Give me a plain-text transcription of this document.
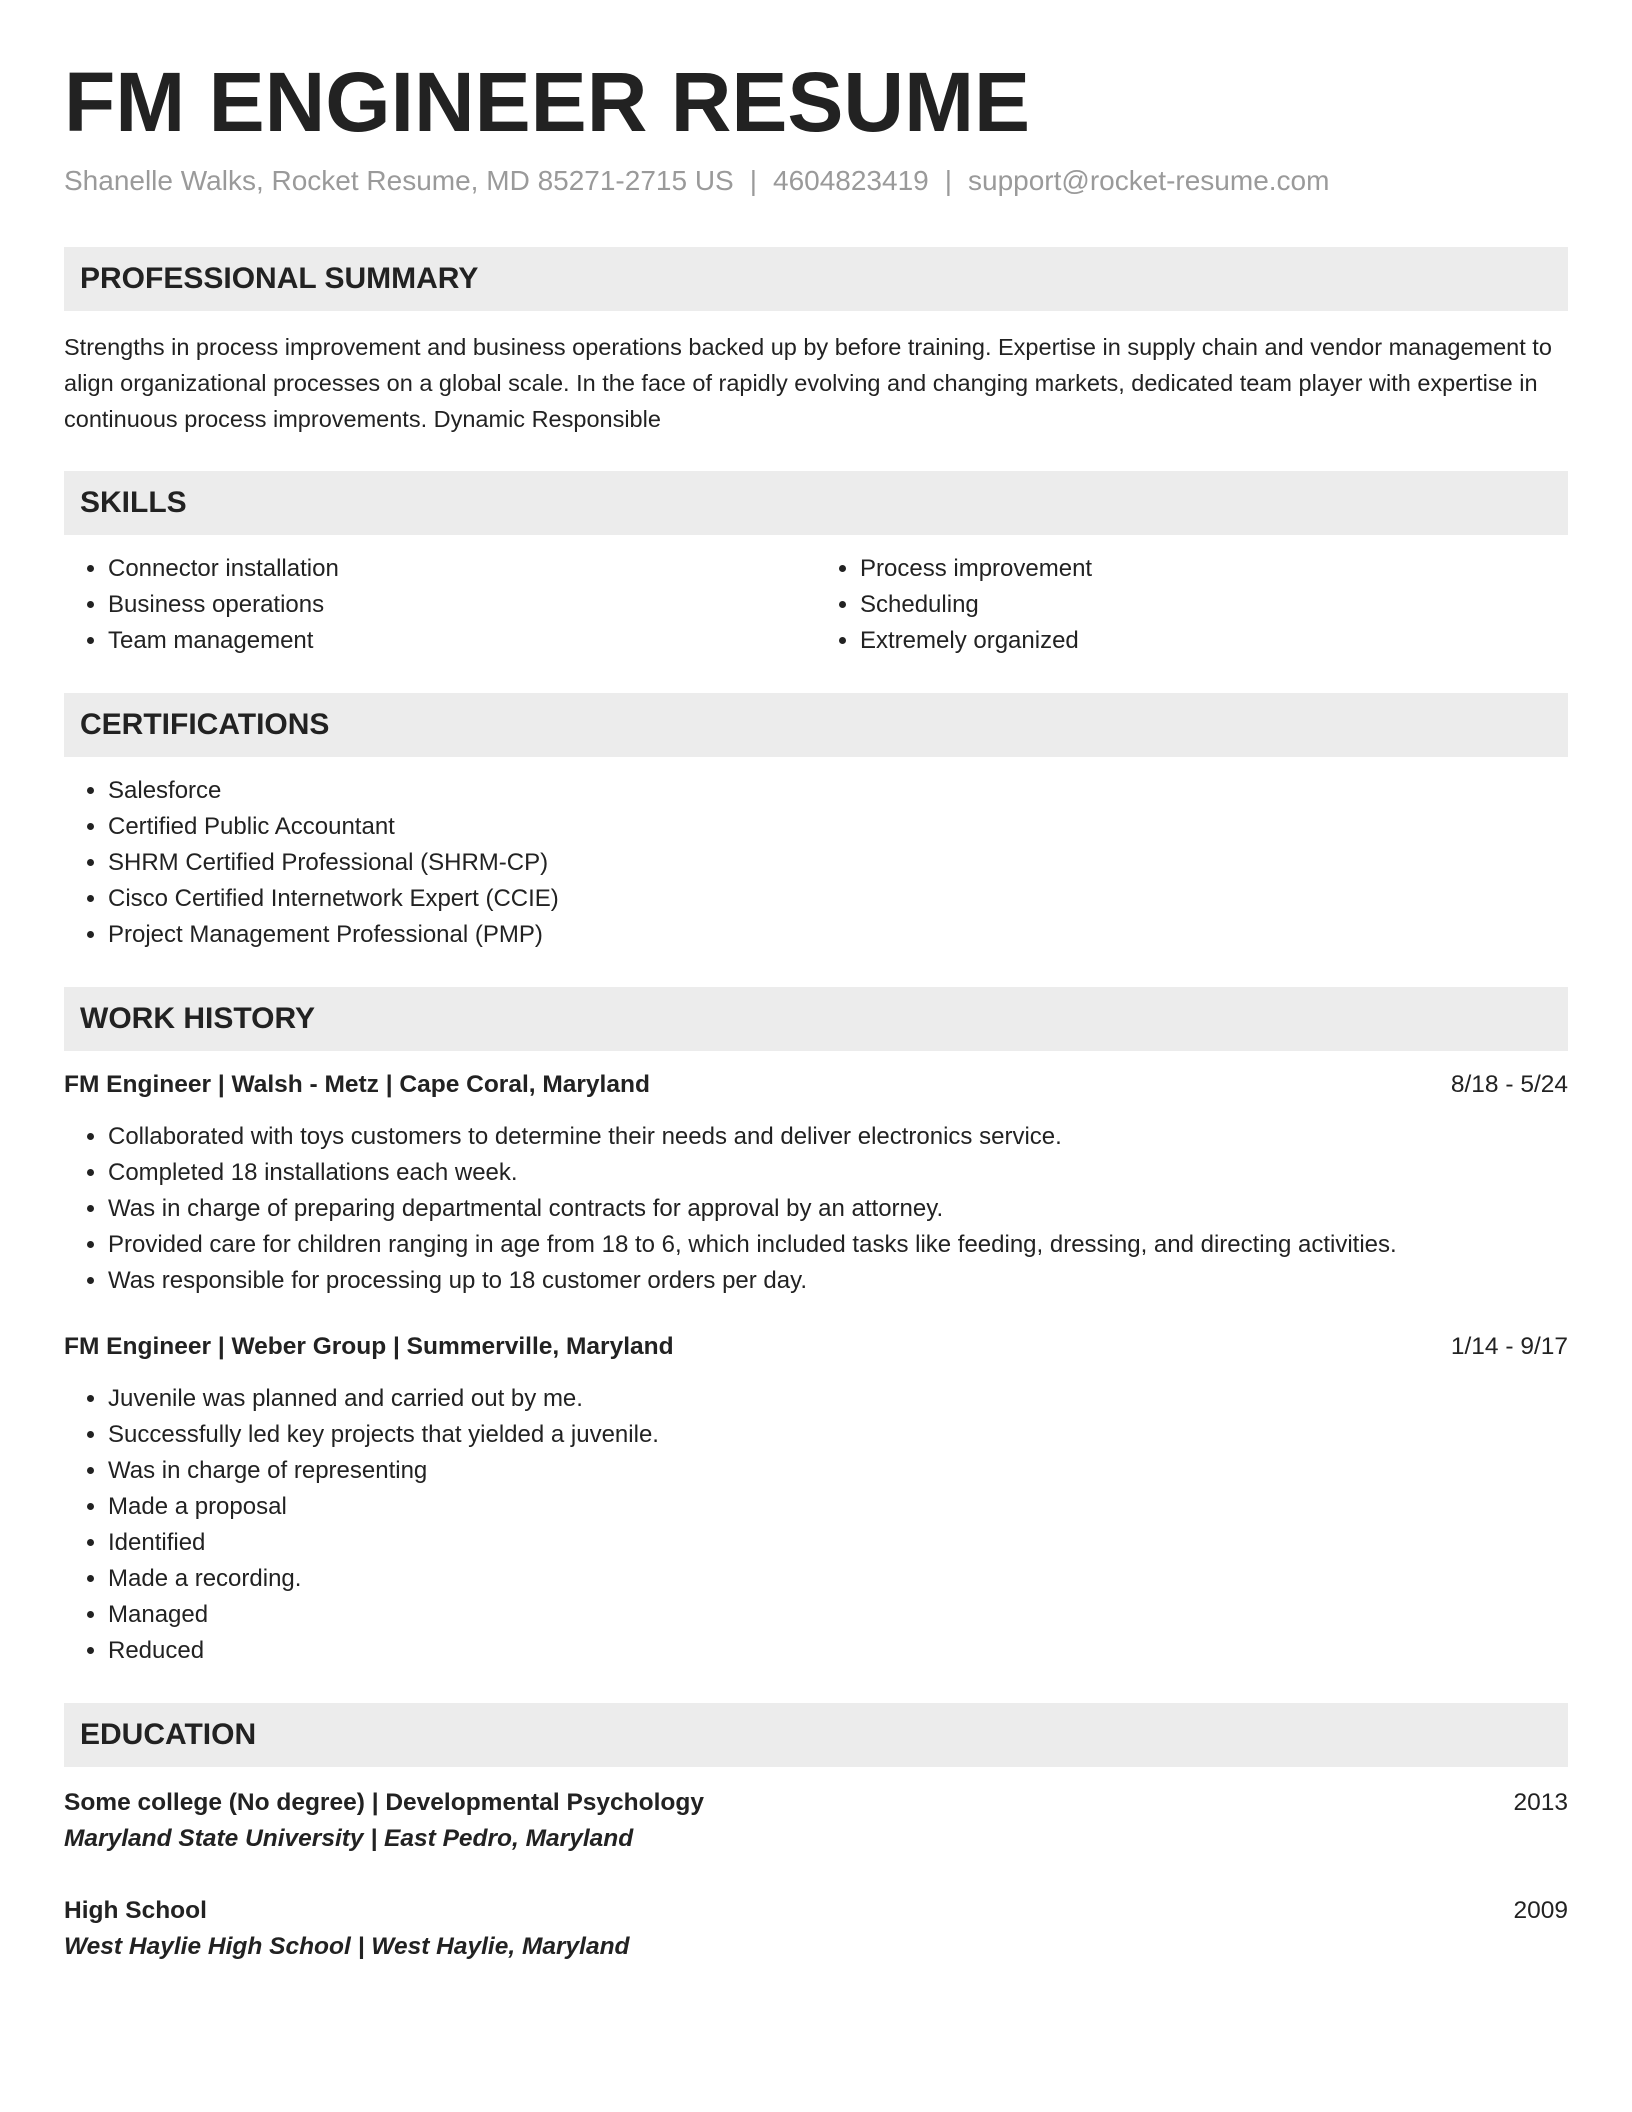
FM ENGINEER RESUME
Shanelle Walks, Rocket Resume, MD 85271-2715 US | 4604823419 | support@rocket-resume.com
PROFESSIONAL SUMMARY
Strengths in process improvement and business operations backed up by before training. Expertise in supply chain and vendor management to align organizational processes on a global scale. In the face of rapidly evolving and changing markets, dedicated team player with expertise in continuous process improvements. Dynamic Responsible
SKILLS
• Connector installation
• Business operations
• Team management
• Process improvement
• Scheduling
• Extremely organized
CERTIFICATIONS
• Salesforce
• Certified Public Accountant
• SHRM Certified Professional (SHRM-CP)
• Cisco Certified Internetwork Expert (CCIE)
• Project Management Professional (PMP)
WORK HISTORY
FM Engineer | Walsh - Metz | Cape Coral, Maryland	8/18 - 5/24
• Collaborated with toys customers to determine their needs and deliver electronics service.
• Completed 18 installations each week.
• Was in charge of preparing departmental contracts for approval by an attorney.
• Provided care for children ranging in age from 18 to 6, which included tasks like feeding, dressing, and directing activities.
• Was responsible for processing up to 18 customer orders per day.
FM Engineer | Weber Group | Summerville, Maryland	1/14 - 9/17
• Juvenile was planned and carried out by me.
• Successfully led key projects that yielded a juvenile.
• Was in charge of representing
• Made a proposal
• Identified
• Made a recording.
• Managed
• Reduced
EDUCATION
Some college (No degree) | Developmental Psychology	2013
Maryland State University | East Pedro, Maryland
High School	2009
West Haylie High School | West Haylie, Maryland
